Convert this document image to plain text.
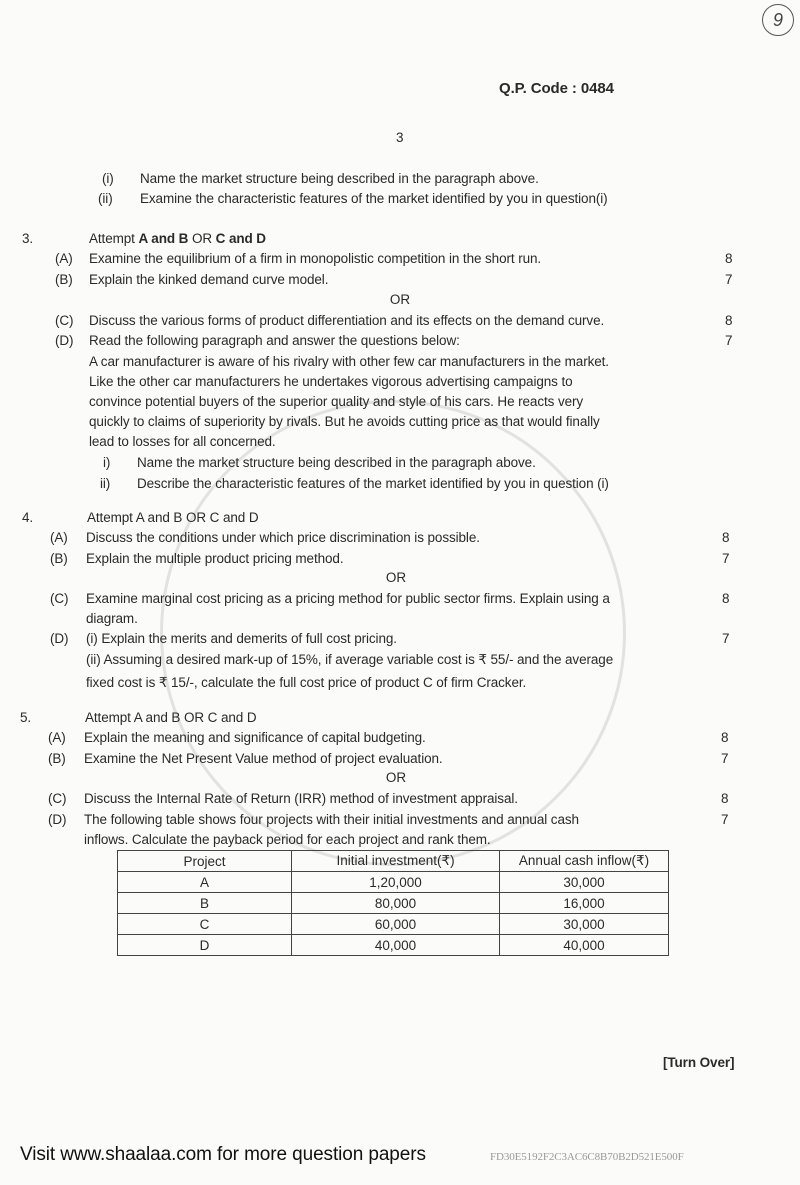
9
Q.P. Code : 0484
3
(i) Name the market structure being described in the paragraph above.
(ii) Examine the characteristic features of the market identified by you in question(i)
3.	Attempt A and B OR C and D
(A) Examine the equilibrium of a firm in monopolistic competition in the short run.	8
(B) Explain the kinked demand curve model.	7
OR
(C) Discuss the various forms of product differentiation and its effects on the demand curve.	8
(D) Read the following paragraph and answer the questions below:	7
A car manufacturer is aware of his rivalry with other few car manufacturers in the market.
Like the other car manufacturers he undertakes vigorous advertising campaigns to
convince potential buyers of the superior quality and style of his cars. He reacts very
quickly to claims of superiority by rivals. But he avoids cutting price as that would finally
lead to losses for all concerned.
i) Name the market structure being described in the paragraph above.
ii) Describe the characteristic features of the market identified by you in question (i)
4.	Attempt A and B OR C and D
(A) Discuss the conditions under which price discrimination is possible.	8
(B) Explain the multiple product pricing method.	7
OR
(C) Examine marginal cost pricing as a pricing method for public sector firms. Explain using a	8
diagram.
(D) (i) Explain the merits and demerits of full cost pricing.	7
(ii) Assuming a desired mark-up of 15%, if average variable cost is ₹ 55/- and the average
fixed cost is ₹ 15/-, calculate the full cost price of product C of firm Cracker.
5.	Attempt A and B OR C and D
(A) Explain the meaning and significance of capital budgeting.	8
(B) Examine the Net Present Value method of project evaluation.	7
OR
(C) Discuss the Internal Rate of Return (IRR) method of investment appraisal.	8
(D) The following table shows four projects with their initial investments and annual cash	7
inflows. Calculate the payback period for each project and rank them.
Project	Initial investment(₹)	Annual cash inflow(₹)
A	1,20,000	30,000
B	80,000	16,000
C	60,000	30,000
D	40,000	40,000
[Turn Over]
Visit www.shaalaa.com for more question papers	FD30E5192F2C3AC6C8B70B2D521E500F
